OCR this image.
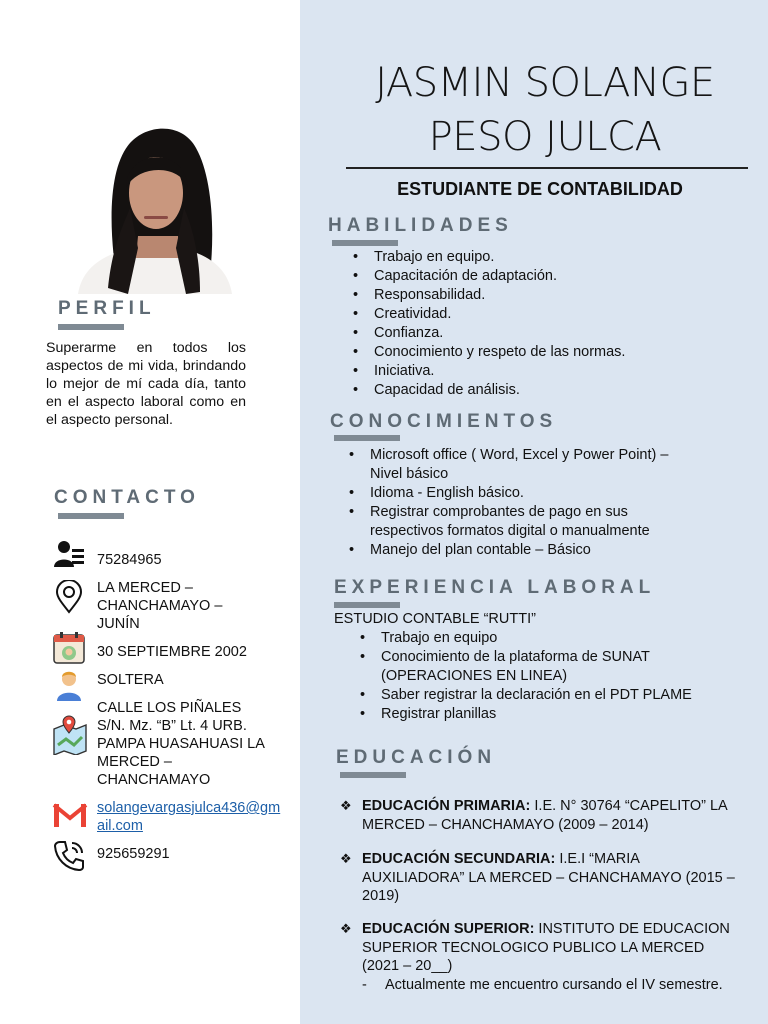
JASMIN SOLANGE
PESO JULCA
ESTUDIANTE DE CONTABILIDAD
HABILIDADES
• Trabajo en equipo.
• Capacitación de adaptación.
• Responsabilidad.
• Creatividad.
• Confianza.
• Conocimiento y respeto de las normas.
• Iniciativa.
• Capacidad de análisis.
CONOCIMIENTOS
• Microsoft office ( Word, Excel y Power Point) – Nivel básico
• Idioma - English básico.
• Registrar comprobantes de pago en sus respectivos formatos digital o manualmente
• Manejo del plan contable – Básico
EXPERIENCIA LABORAL
ESTUDIO CONTABLE “RUTTI”
• Trabajo en equipo
• Conocimiento de la plataforma de SUNAT (OPERACIONES EN LINEA)
• Saber registrar la declaración en el PDT PLAME
• Registrar planillas
EDUCACIÓN
❖ EDUCACIÓN PRIMARIA: I.E. N° 30764 “CAPELITO” LA MERCED – CHANCHAMAYO (2009 – 2014)
❖ EDUCACIÓN SECUNDARIA: I.E.I “MARIA AUXILIADORA” LA MERCED – CHANCHAMAYO (2015 – 2019)
❖ EDUCACIÓN SUPERIOR: INSTITUTO DE EDUCACION SUPERIOR TECNOLOGICO PUBLICO LA MERCED (2021 – 20__)
- Actualmente me encuentro cursando el IV semestre.
PERFIL
Superarme en todos los aspectos de mi vida, brindando lo mejor de mí cada día, tanto en el aspecto laboral como en el aspecto personal.
CONTACTO
75284965
LA MERCED – CHANCHAMAYO – JUNÍN
30 SEPTIEMBRE 2002
SOLTERA
CALLE LOS PIÑALES S/N. Mz. “B” Lt. 4 URB. PAMPA HUASAHUASI LA MERCED – CHANCHAMAYO
solangevargasjulca436@gmail.com
925659291
